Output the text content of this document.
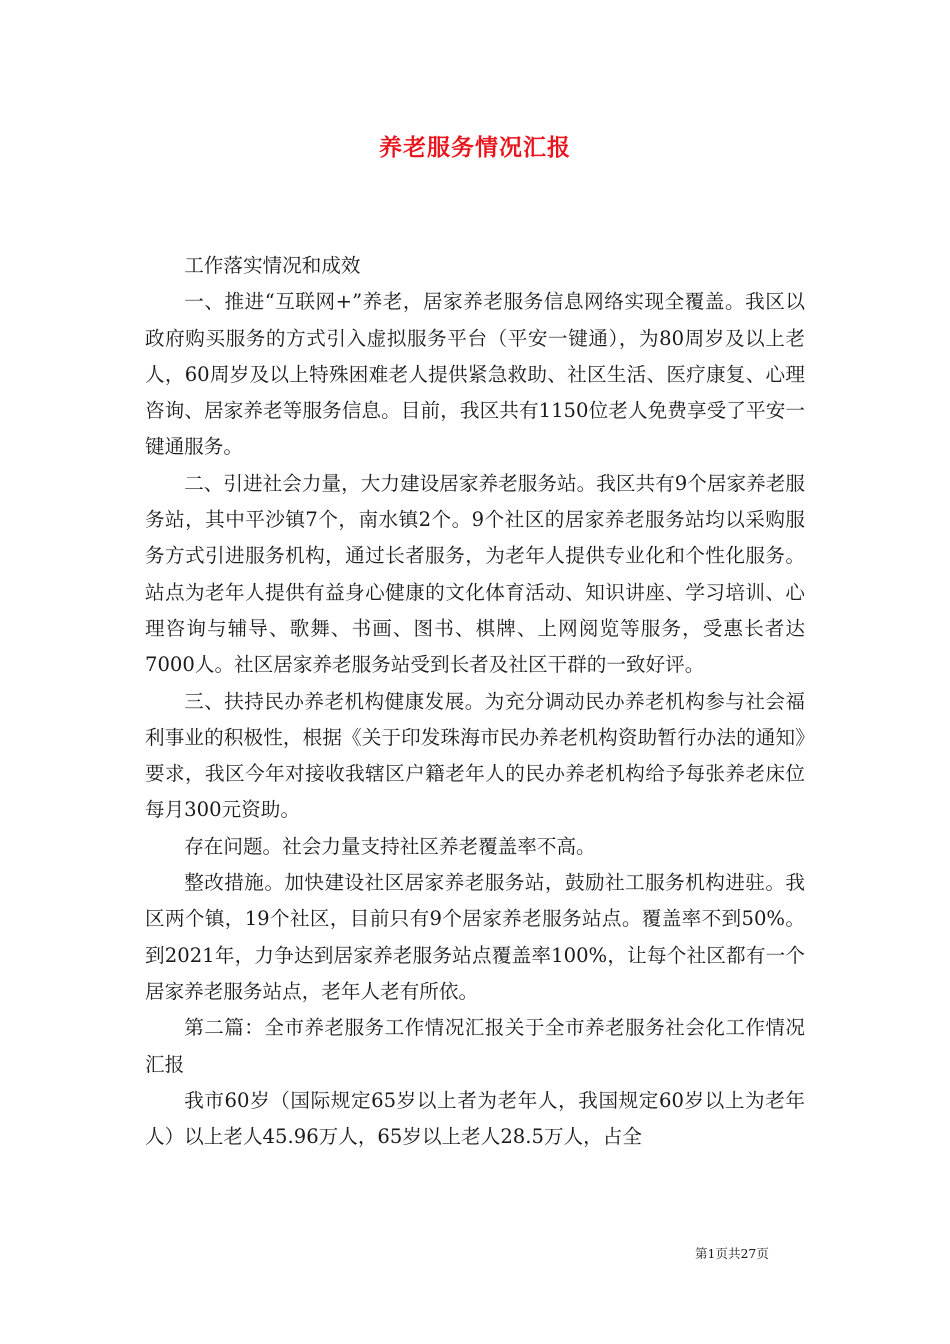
养老服务情况汇报

工作落实情况和成效

一、推进“互联网+”养老，居家养老服务信息网络实现全覆盖。我区以政府购买服务的方式引入虚拟服务平台（平安一键通），为80周岁及以上老人，60周岁及以上特殊困难老人提供紧急救助、社区生活、医疗康复、心理咨询、居家养老等服务信息。目前，我区共有1150位老人免费享受了平安一键通服务。

二、引进社会力量，大力建设居家养老服务站。我区共有9个居家养老服务站，其中平沙镇7个，南水镇2个。9个社区的居家养老服务站均以采购服务方式引进服务机构，通过长者服务，为老年人提供专业化和个性化服务。站点为老年人提供有益身心健康的文化体育活动、知识讲座、学习培训、心理咨询与辅导、歌舞、书画、图书、棋牌、上网阅览等服务，受惠长者达7000人。社区居家养老服务站受到长者及社区干群的一致好评。

三、扶持民办养老机构健康发展。为充分调动民办养老机构参与社会福利事业的积极性，根据《关于印发珠海市民办养老机构资助暂行办法的通知》要求，我区今年对接收我辖区户籍老年人的民办养老机构给予每张养老床位每月300元资助。

存在问题。社会力量支持社区养老覆盖率不高。

整改措施。加快建设社区居家养老服务站，鼓励社工服务机构进驻。我区两个镇，19个社区，目前只有9个居家养老服务站点。覆盖率不到50%。到2021年，力争达到居家养老服务站点覆盖率100%，让每个社区都有一个居家养老服务站点，老年人老有所依。

第二篇：全市养老服务工作情况汇报关于全市养老服务社会化工作情况汇报

我市60岁（国际规定65岁以上者为老年人，我国规定60岁以上为老年人）以上老人45.96万人，65岁以上老人28.5万人，占全

第1页共27页
